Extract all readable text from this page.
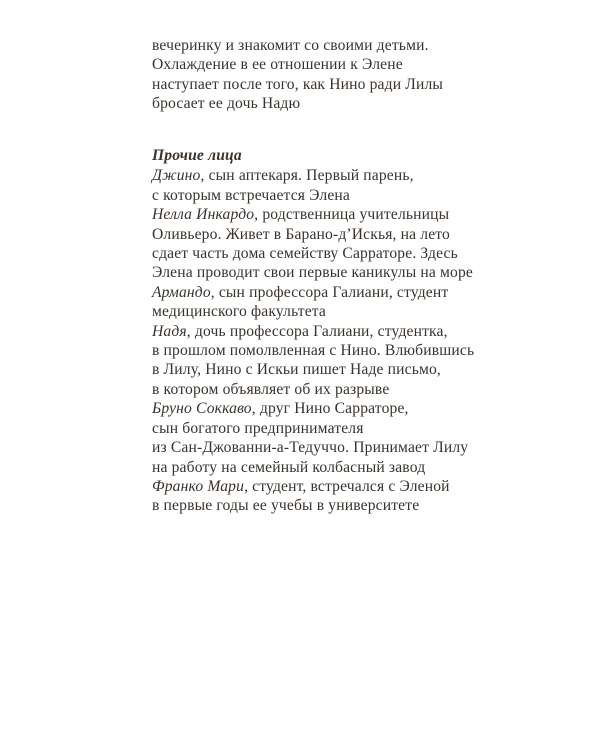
вечеринку и знакомит со своими детьми.
Охлаждение в ее отношении к Элене
наступает после того, как Нино ради Лилы
бросает ее дочь Надю
Прочие лица
Джино, сын аптекаря. Первый парень,
с которым встречается Элена
Нелла Инкардо, родственница учительницы
Оливьеро. Живет в Барано-д’Искья, на лето
сдает часть дома семейству Сарраторе. Здесь
Элена проводит свои первые каникулы на море
Армандо, сын профессора Галиани, студент
медицинского факультета
Надя, дочь профессора Галиани, студентка,
в прошлом помолвленная с Нино. Влюбившись
в Лилу, Нино с Искьи пишет Наде письмо,
в котором объявляет об их разрыве
Бруно Соккаво, друг Нино Сарраторе,
сын богатого предпринимателя
из Сан-Джованни-а-Тедуччо. Принимает Лилу
на работу на семейный колбасный завод
Франко Мари, студент, встречался с Эленой
в первые годы ее учебы в университете
